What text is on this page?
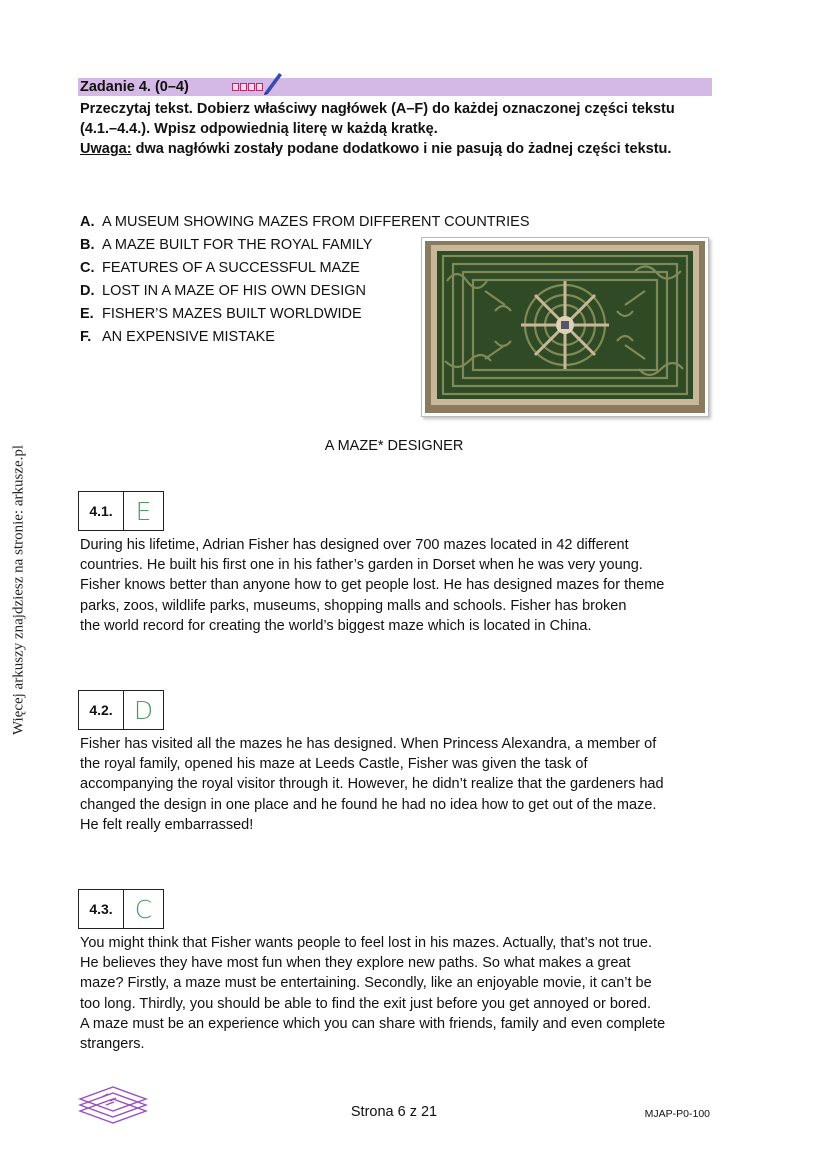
Więcej arkuszy znajdziesz na stronie: arkusze.pl
Zadanie 4. (0–4)

Przeczytaj tekst. Dobierz właściwy nagłówek (A–F) do każdej oznaczonej części tekstu

(4.1.–4.4.). Wpisz odpowiednią literę w każdą kratkę.

Uwaga: dwa nagłówki zostały podane dodatkowo i nie pasują do żadnej części tekstu.

A. A MUSEUM SHOWING MAZES FROM DIFFERENT COUNTRIES
B. A MAZE BUILT FOR THE ROYAL FAMILY
C. FEATURES OF A SUCCESSFUL MAZE
D. LOST IN A MAZE OF HIS OWN DESIGN
E. FISHER’S MAZES BUILT WORLDWIDE
F. AN EXPENSIVE MISTAKE
A MAZE* DESIGNER
4.1. E
During his lifetime, Adrian Fisher has designed over 700 mazes located in 42 different
countries. He built his first one in his father’s garden in Dorset when he was very young.
Fisher knows better than anyone how to get people lost. He has designed mazes for theme
parks, zoos, wildlife parks, museums, shopping malls and schools. Fisher has broken
the world record for creating the world’s biggest maze which is located in China.
4.2. D
Fisher has visited all the mazes he has designed. When Princess Alexandra, a member of
the royal family, opened his maze at Leeds Castle, Fisher was given the task of
accompanying the royal visitor through it. However, he didn’t realize that the gardeners had
changed the design in one place and he found he had no idea how to get out of the maze.
He felt really embarrassed!
4.3. C
You might think that Fisher wants people to feel lost in his mazes. Actually, that’s not true.
He believes they have most fun when they explore new paths. So what makes a great
maze? Firstly, a maze must be entertaining. Secondly, like an enjoyable movie, it can’t be
too long. Thirdly, you should be able to find the exit just before you get annoyed or bored.
A maze must be an experience which you can share with friends, family and even complete
strangers.
Strona 6 z 21	MJAP-P0-100
